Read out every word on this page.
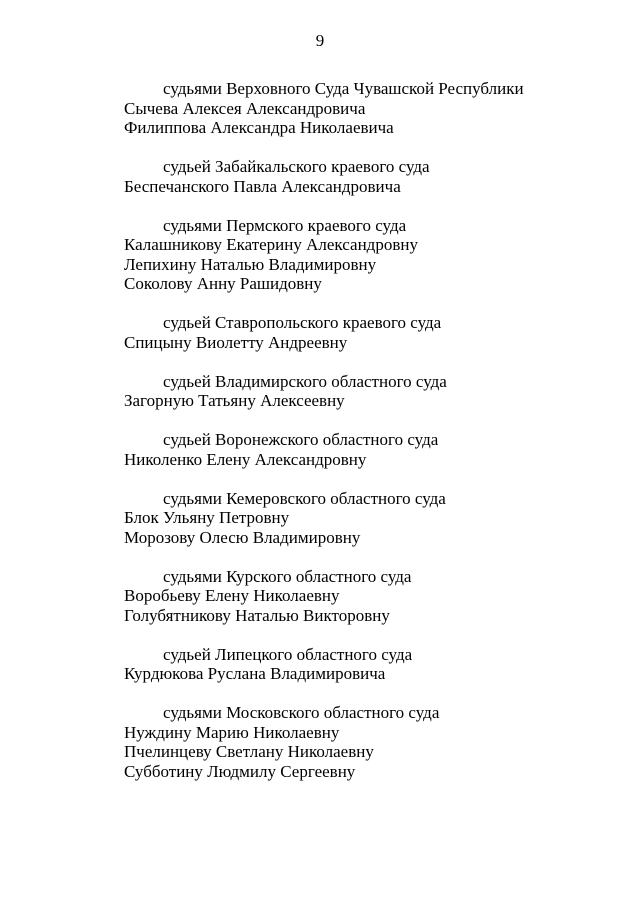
9
судьями Верховного Суда Чувашской Республики
Сычева Алексея Александровича
Филиппова Александра Николаевича
судьей Забайкальского краевого суда
Беспечанского Павла Александровича
судьями Пермского краевого суда
Калашникову Екатерину Александровну
Лепихину Наталью Владимировну
Соколову Анну Рашидовну
судьей Ставропольского краевого суда
Спицыну Виолетту Андреевну
судьей Владимирского областного суда
Загорную Татьяну Алексеевну
судьей Воронежского областного суда
Николенко Елену Александровну
судьями Кемеровского областного суда
Блок Ульяну Петровну
Морозову Олесю Владимировну
судьями Курского областного суда
Воробьеву Елену Николаевну
Голубятникову Наталью Викторовну
судьей Липецкого областного суда
Курдюкова Руслана Владимировича
судьями Московского областного суда
Нуждину Марию Николаевну
Пчелинцеву Светлану Николаевну
Субботину Людмилу Сергеевну
